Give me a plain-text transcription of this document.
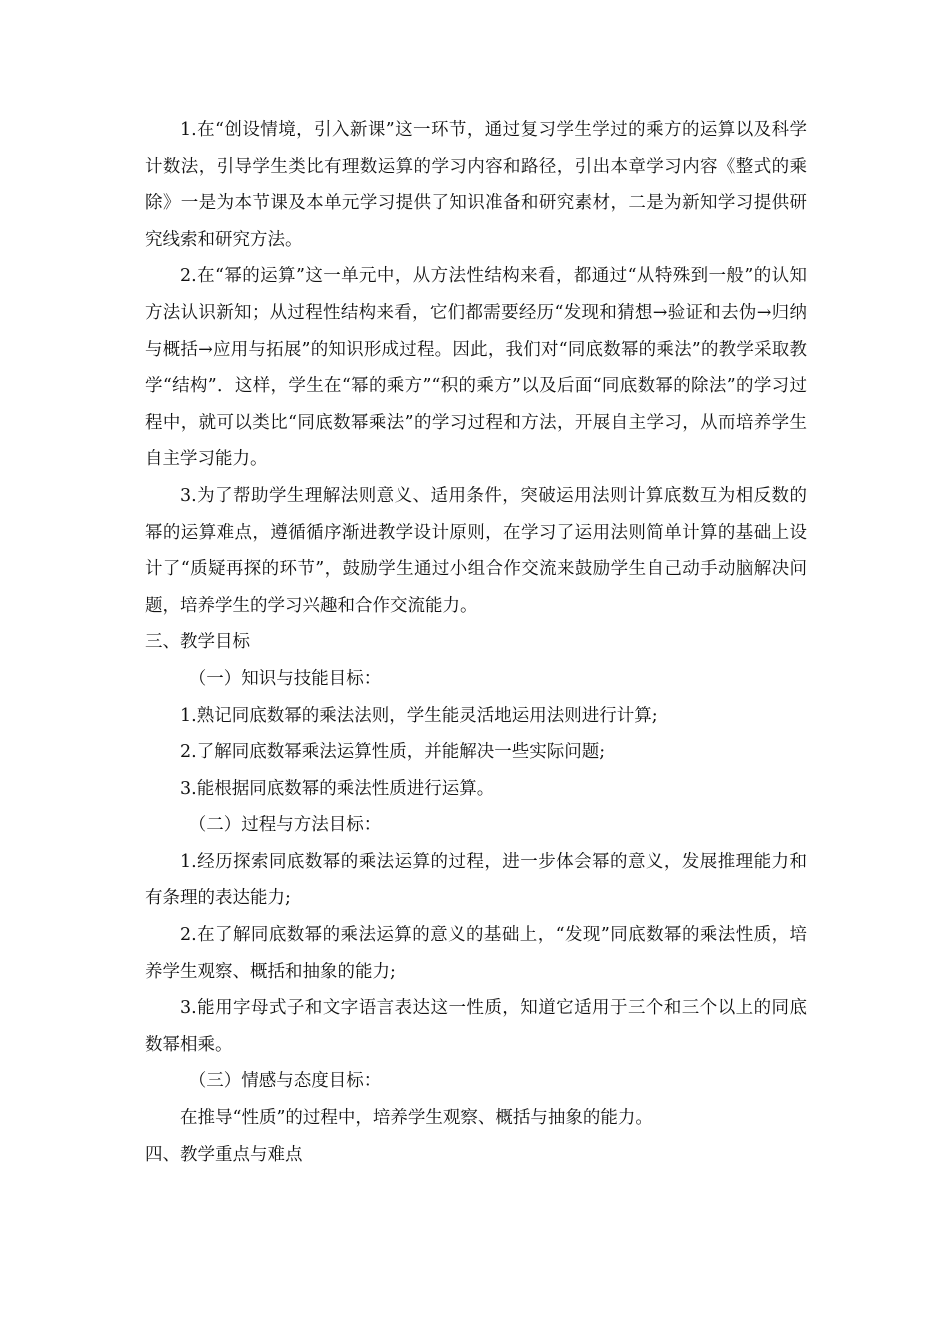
1.在“创设情境，引入新课”这一环节，通过复习学生学过的乘方的运算以及科学计数法，引导学生类比有理数运算的学习内容和路径，引出本章学习内容《整式的乘除》一是为本节课及本单元学习提供了知识准备和研究素材，二是为新知学习提供研究线索和研究方法。

2.在“幂的运算”这一单元中，从方法性结构来看，都通过“从特殊到一般”的认知方法认识新知；从过程性结构来看，它们都需要经历“发现和猜想→验证和去伪→归纳与概括→应用与拓展”的知识形成过程。因此，我们对“同底数幂的乘法”的教学采取教学“结构”．这样，学生在“幂的乘方”“积的乘方”以及后面“同底数幂的除法”的学习过程中，就可以类比“同底数幂乘法”的学习过程和方法，开展自主学习，从而培养学生自主学习能力。

3.为了帮助学生理解法则意义、适用条件，突破运用法则计算底数互为相反数的幂的运算难点，遵循循序渐进教学设计原则，在学习了运用法则简单计算的基础上设计了“质疑再探的环节”，鼓励学生通过小组合作交流来鼓励学生自己动手动脑解决问题，培养学生的学习兴趣和合作交流能力。

三、教学目标

（一）知识与技能目标：

1.熟记同底数幂的乘法法则，学生能灵活地运用法则进行计算;

2.了解同底数幂乘法运算性质，并能解决一些实际问题;

3.能根据同底数幂的乘法性质进行运算。

（二）过程与方法目标：

1.经历探索同底数幂的乘法运算的过程，进一步体会幂的意义，发展推理能力和有条理的表达能力;

2.在了解同底数幂的乘法运算的意义的基础上，“发现”同底数幂的乘法性质，培养学生观察、概括和抽象的能力;

3.能用字母式子和文字语言表达这一性质，知道它适用于三个和三个以上的同底数幂相乘。

（三）情感与态度目标：

在推导“性质”的过程中，培养学生观察、概括与抽象的能力。

四、教学重点与难点
